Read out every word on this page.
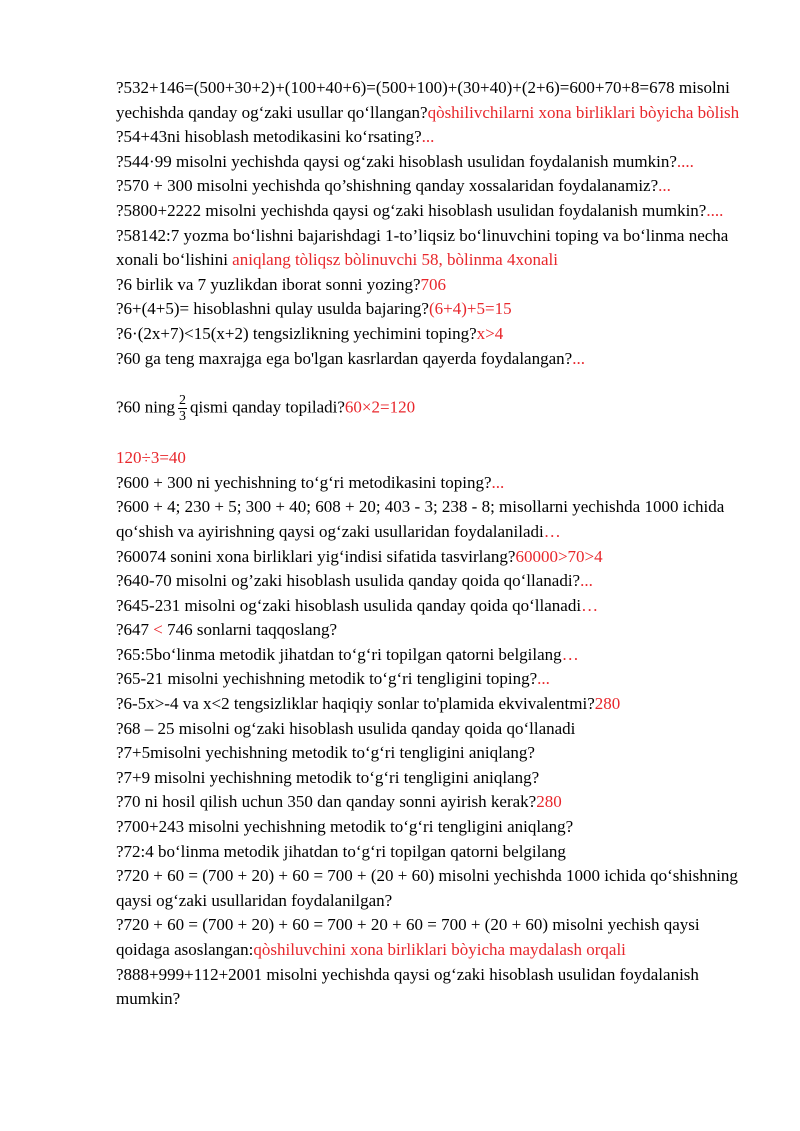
?532+146=(500+30+2)+(100+40+6)=(500+100)+(30+40)+(2+6)=600+70+8=678 misolni yechishda qanday og‘zaki usullar qo‘llangan?qòshilivchilarni xona birliklari bòyicha bòlish

?54+43ni hisoblash metodikasini ko‘rsating?...

?544·99 misolni yechishda qaysi og‘zaki hisoblash usulidan foydalanish mumkin?....

?570 + 300 misolni yechishda qo’shishning qanday xossalaridan foydalanamiz?...

?5800+2222 misolni yechishda qaysi og‘zaki hisoblash usulidan foydalanish mumkin?....

?58142:7 yozma bo‘lishni bajarishdagi 1-to’liqsiz bo‘linuvchini toping va bo‘linma necha xonali bo‘lishini aniqlang tòliqsz bòlinuvchi 58, bòlinma 4xonali

?6 birlik va 7 yuzlikdan iborat sonni yozing?706

?6+(4+5)= hisoblashni qulay usulda bajaring?(6+4)+5=15

?6·(2x+7)<15(x+2) tengsizlikning yechimini toping?x>4

?60 ga teng maxrajga ega bo'lgan kasrlardan qayerda foydalangan?...

?60 ning $\frac{2}{3}$ qismi qanday topiladi?60×2=120

120÷3=40

?600 + 300 ni yechishning to‘g‘ri metodikasini toping?...

?600 + 4; 230 + 5; 300 + 40; 608 + 20; 403 - 3; 238 - 8; misollarni yechishda 1000 ichida qo‘shish va ayirishning qaysi og‘zaki usullaridan foydalaniladi…

?60074 sonini xona birliklari yig‘indisi sifatida tasvirlang?60000>70>4

?640-70 misolni og’zaki hisoblash usulida qanday qoida qo‘llanadi?...

?645-231 misolni og‘zaki hisoblash usulida qanday qoida qo‘llanadi…

?647 < 746 sonlarni taqqoslang?

?65:5bo‘linma metodik jihatdan to‘g‘ri topilgan qatorni belgilang…

?65-21 misolni yechishning metodik to‘g‘ri tengligini toping?...

?6-5x>-4 va x<2 tengsizliklar haqiqiy sonlar to'plamida ekvivalentmi?280

?68 – 25 misolni og‘zaki hisoblash usulida qanday qoida qo‘llanadi

?7+5misolni yechishning metodik to‘g‘ri tengligini aniqlang?

?7+9 misolni yechishning metodik to‘g‘ri tengligini aniqlang?

?70 ni hosil qilish uchun 350 dan qanday sonni ayirish kerak?280

?700+243 misolni yechishning metodik to‘g‘ri tengligini aniqlang?

?72:4 bo‘linma metodik jihatdan to‘g‘ri topilgan qatorni belgilang

?720 + 60 = (700 + 20) + 60 = 700 + (20 + 60) misolni yechishda 1000 ichida qo‘shishning qaysi og‘zaki usullaridan foydalanilgan?

?720 + 60 = (700 + 20) + 60 = 700 + 20 + 60 = 700 + (20 + 60) misolni yechish qaysi qoidaga asoslangan:qòshiluvchini xona birliklari bòyicha maydalash orqali

?888+999+112+2001 misolni yechishda qaysi og‘zaki hisoblash usulidan foydalanish mumkin?
